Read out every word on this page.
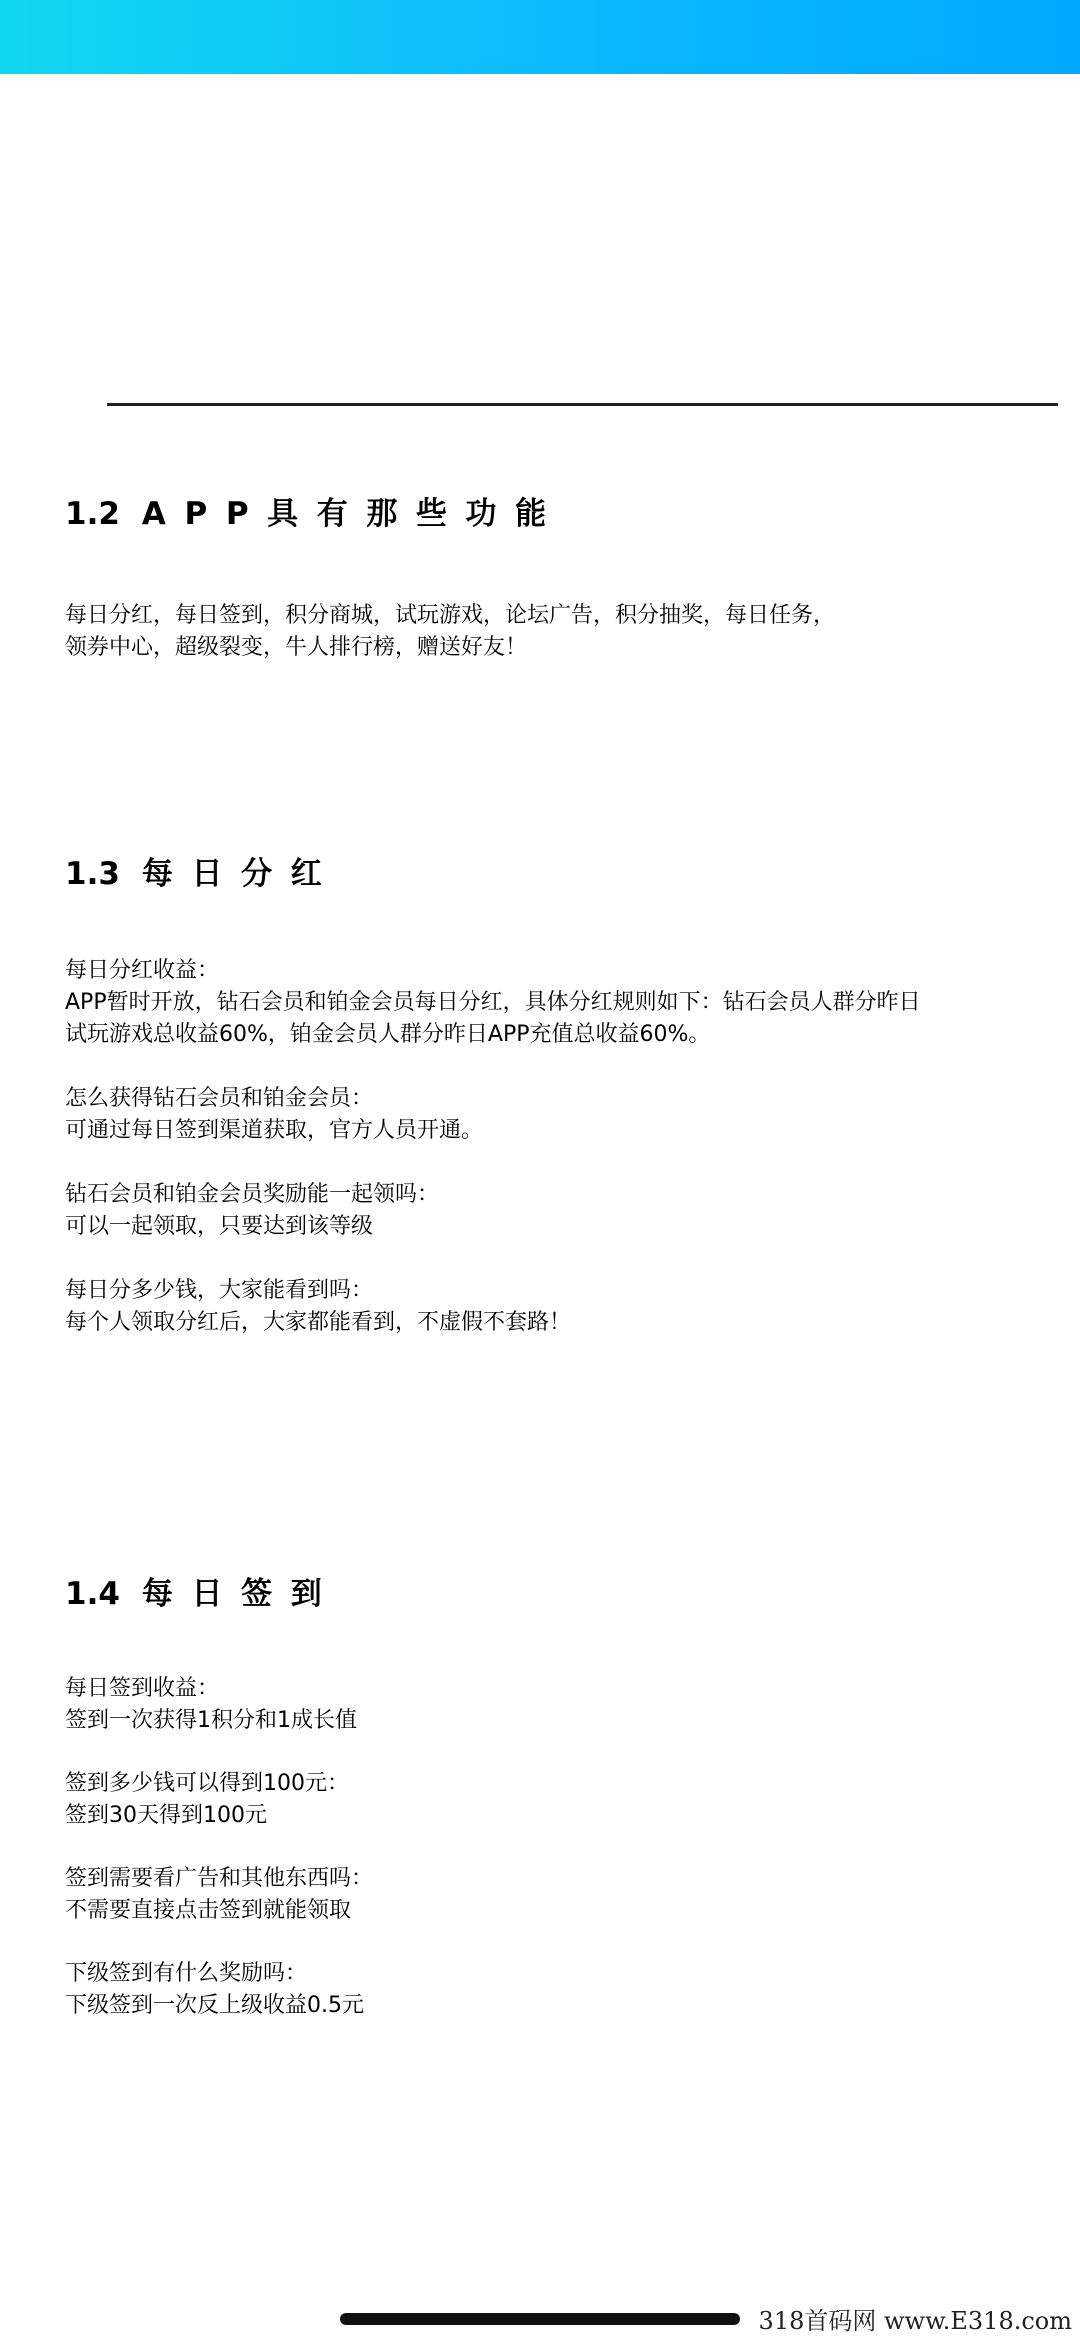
1.2 APP具有那些功能
每日分红，每日签到，积分商城，试玩游戏，论坛广告，积分抽奖，每日任务，
领券中心，超级裂变，牛人排行榜，赠送好友！
1.3 每日分红
每日分红收益：
APP暂时开放，钻石会员和铂金会员每日分红，具体分红规则如下：钻石会员人群分昨日
试玩游戏总收益60%，铂金会员人群分昨日APP充值总收益60%。
怎么获得钻石会员和铂金会员：
可通过每日签到渠道获取，官方人员开通。
钻石会员和铂金会员奖励能一起领吗：
可以一起领取，只要达到该等级
每日分多少钱，大家能看到吗：
每个人领取分红后，大家都能看到，不虚假不套路！
1.4 每日签到
每日签到收益：
签到一次获得1积分和1成长值
签到多少钱可以得到100元：
签到30天得到100元
签到需要看广告和其他东西吗：
不需要直接点击签到就能领取
下级签到有什么奖励吗：
下级签到一次反上级收益0.5元
318首码网 www.E318.com
